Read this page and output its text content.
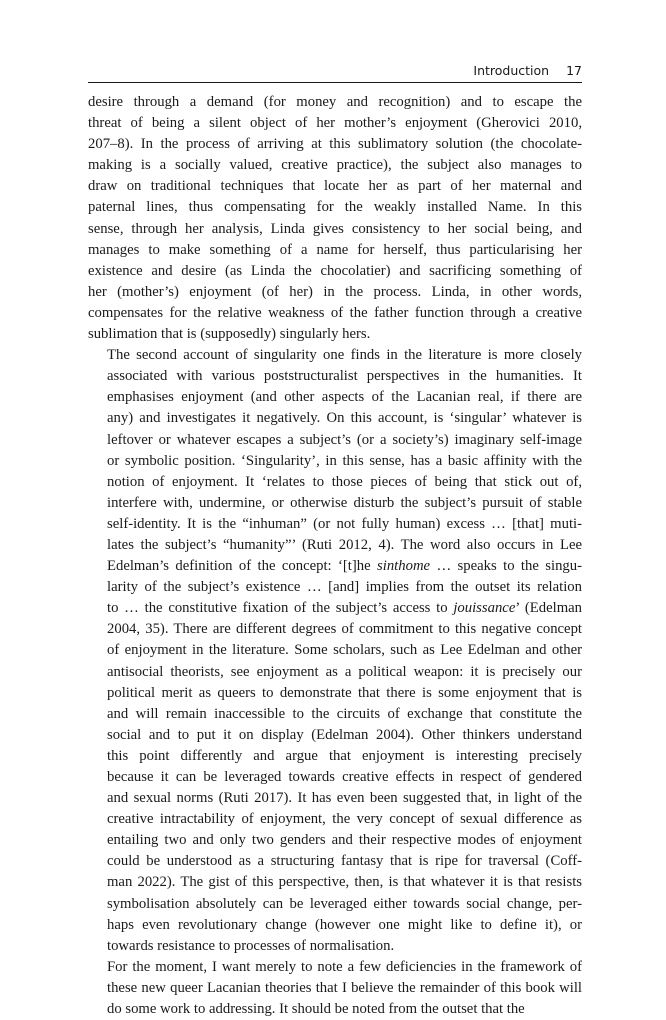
Introduction 17

desire through a demand (for money and recognition) and to escape the
threat of being a silent object of her mother’s enjoyment (Gherovici 2010,
207–8). In the process of arriving at this sublimatory solution (the chocolate-
making is a socially valued, creative practice), the subject also manages to
draw on traditional techniques that locate her as part of her maternal and
paternal lines, thus compensating for the weakly installed Name. In this
sense, through her analysis, Linda gives consistency to her social being, and
manages to make something of a name for herself, thus particularising her
existence and desire (as Linda the chocolatier) and sacrificing something of
her (mother’s) enjoyment (of her) in the process. Linda, in other words,
compensates for the relative weakness of the father function through a creative
sublimation that is (supposedly) singularly hers.

The second account of singularity one finds in the literature is more closely
associated with various poststructuralist perspectives in the humanities. It
emphasises enjoyment (and other aspects of the Lacanian real, if there are
any) and investigates it negatively. On this account, is ‘singular’ whatever is
leftover or whatever escapes a subject’s (or a society’s) imaginary self-image
or symbolic position. ‘Singularity’, in this sense, has a basic affinity with the
notion of enjoyment. It ‘relates to those pieces of being that stick out of,
interfere with, undermine, or otherwise disturb the subject’s pursuit of stable
self-identity. It is the “inhuman” (or not fully human) excess … [that] muti-
lates the subject’s “humanity”’ (Ruti 2012, 4). The word also occurs in Lee
Edelman’s definition of the concept: ‘[t]he sinthome … speaks to the singu-
larity of the subject’s existence … [and] implies from the outset its relation
to … the constitutive fixation of the subject’s access to jouissance’ (Edelman
2004, 35). There are different degrees of commitment to this negative concept
of enjoyment in the literature. Some scholars, such as Lee Edelman and other
antisocial theorists, see enjoyment as a political weapon: it is precisely our
political merit as queers to demonstrate that there is some enjoyment that is
and will remain inaccessible to the circuits of exchange that constitute the
social and to put it on display (Edelman 2004). Other thinkers understand
this point differently and argue that enjoyment is interesting precisely
because it can be leveraged towards creative effects in respect of gendered
and sexual norms (Ruti 2017). It has even been suggested that, in light of the
creative intractability of enjoyment, the very concept of sexual difference as
entailing two and only two genders and their respective modes of enjoyment
could be understood as a structuring fantasy that is ripe for traversal (Coff-
man 2022). The gist of this perspective, then, is that whatever it is that resists
symbolisation absolutely can be leveraged either towards social change, per-
haps even revolutionary change (however one might like to define it), or
towards resistance to processes of normalisation.

For the moment, I want merely to note a few deficiencies in the framework of
these new queer Lacanian theories that I believe the remainder of this book will
do some work to addressing. It should be noted from the outset that the
